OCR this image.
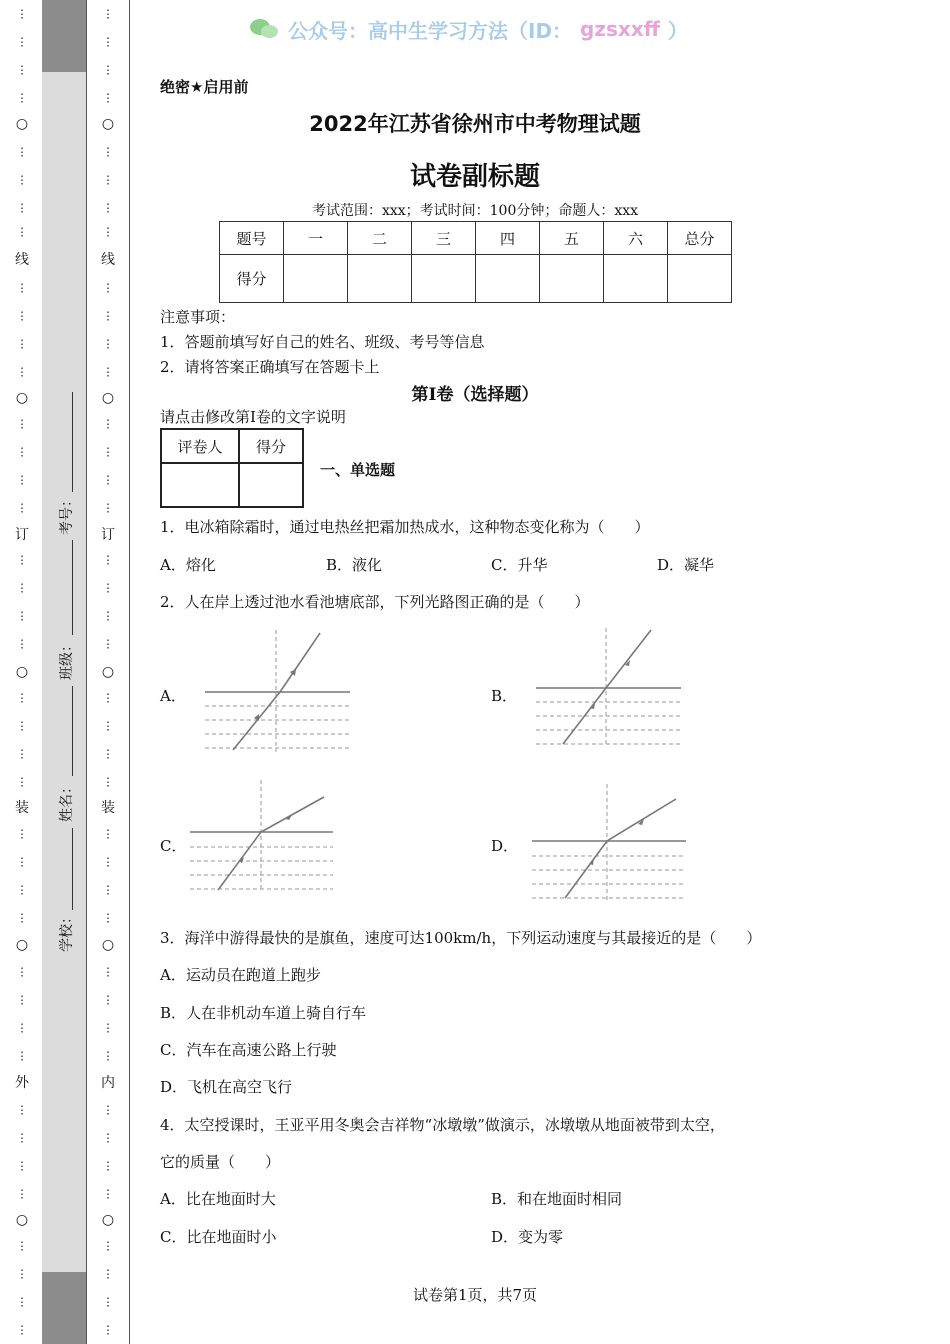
○
线
○
订
○
装
○
外
○
⋮
⋮
⋮
⋮
⋮
⋮
⋮
⋮
⋮
⋮
⋮
⋮
⋮
⋮
⋮
⋮
⋮
⋮
⋮
⋮
⋮
⋮
⋮
⋮
⋮
⋮
⋮
⋮
⋮
⋮
⋮
⋮
⋮
⋮
⋮
⋮
⋮
⋮
⋮
⋮
○
线
○
订
○
装
○
内
○
⋮
⋮
⋮
⋮
⋮
⋮
⋮
⋮
⋮
⋮
⋮
⋮
⋮
⋮
⋮
⋮
⋮
⋮
⋮
⋮
⋮
⋮
⋮
⋮
⋮
⋮
⋮
⋮
⋮
⋮
⋮
⋮
⋮
⋮
⋮
⋮
⋮
⋮
⋮
⋮
考号：
班级：
姓名：
学校：
公众号：高中生学习方法（ID： gzsxxff ）
绝密★启用前
2022年江苏省徐州市中考物理试题
试卷副标题
考试范围：xxx；考试时间：100分钟；命题人：xxx
题号	一	二	三	四	五	六	总分
得分							
注意事项：
1．答题前填写好自己的姓名、班级、考号等信息
2．请将答案正确填写在答题卡上
第I卷（选择题）
请点击修改第I卷的文字说明
评卷人	得分

一、单选题
1．电冰箱除霜时，通过电热丝把霜加热成水，这种物态变化称为（　　）
A．熔化	B．液化	C．升华	D．凝华
2．人在岸上透过池水看池塘底部，下列光路图正确的是（　　）
A．	B．
C．	D．
3．海洋中游得最快的是旗鱼，速度可达100km/h，下列运动速度与其最接近的是（　　）
A．运动员在跑道上跑步
B．人在非机动车道上骑自行车
C．汽车在高速公路上行驶
D．飞机在高空飞行
4．太空授课时，王亚平用冬奥会吉祥物“冰墩墩”做演示，冰墩墩从地面被带到太空，
它的质量（　　）
A．比在地面时大	B．和在地面时相同
C．比在地面时小	D．变为零
试卷第1页，共7页
